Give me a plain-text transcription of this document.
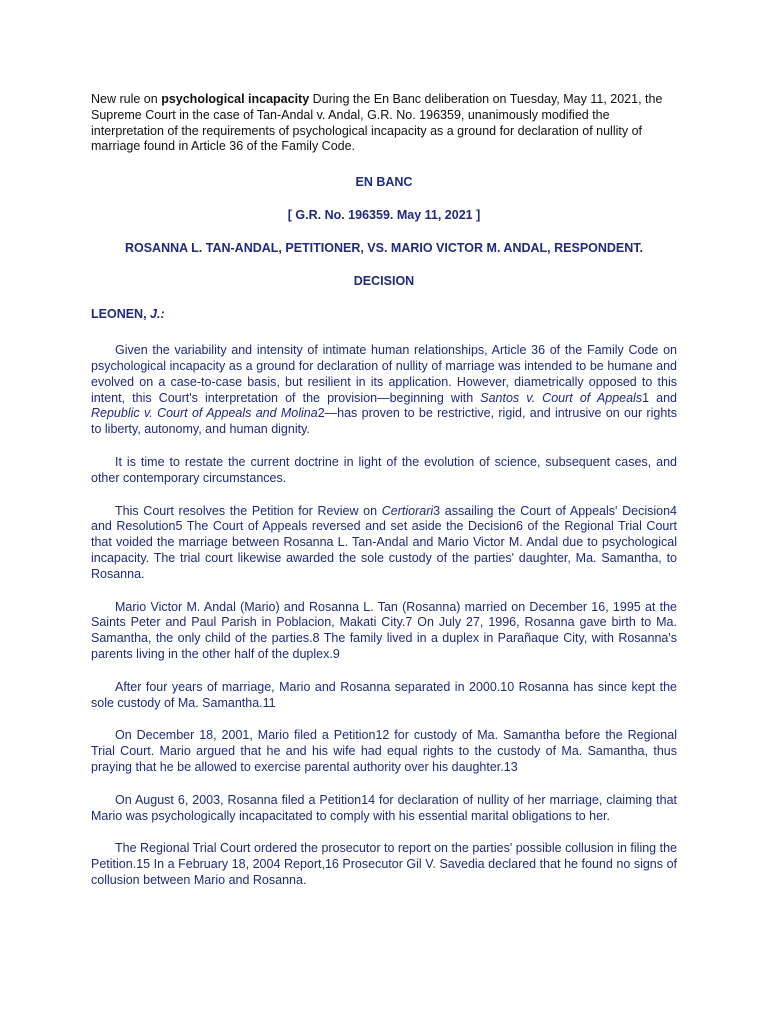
New rule on psychological incapacity During the En Banc deliberation on Tuesday, May 11, 2021, the Supreme Court in the case of Tan-Andal v. Andal, G.R. No. 196359, unanimously modified the interpretation of the requirements of psychological incapacity as a ground for declaration of nullity of marriage found in Article 36 of the Family Code.

EN BANC

[ G.R. No. 196359. May 11, 2021 ]

ROSANNA L. TAN-ANDAL, PETITIONER, VS. MARIO VICTOR M. ANDAL, RESPONDENT.

DECISION

LEONEN, J.:

Given the variability and intensity of intimate human relationships, Article 36 of the Family Code on psychological incapacity as a ground for declaration of nullity of marriage was intended to be humane and evolved on a case-to-case basis, but resilient in its application. However, diametrically opposed to this intent, this Court's interpretation of the provision—beginning with Santos v. Court of Appeals1 and Republic v. Court of Appeals and Molina2—has proven to be restrictive, rigid, and intrusive on our rights to liberty, autonomy, and human dignity.

It is time to restate the current doctrine in light of the evolution of science, subsequent cases, and other contemporary circumstances.

This Court resolves the Petition for Review on Certiorari3 assailing the Court of Appeals' Decision4 and Resolution5 The Court of Appeals reversed and set aside the Decision6 of the Regional Trial Court that voided the marriage between Rosanna L. Tan-Andal and Mario Victor M. Andal due to psychological incapacity. The trial court likewise awarded the sole custody of the parties' daughter, Ma. Samantha, to Rosanna.

Mario Victor M. Andal (Mario) and Rosanna L. Tan (Rosanna) married on December 16, 1995 at the Saints Peter and Paul Parish in Poblacion, Makati City.7 On July 27, 1996, Rosanna gave birth to Ma. Samantha, the only child of the parties.8 The family lived in a duplex in Parañaque City, with Rosanna's parents living in the other half of the duplex.9

After four years of marriage, Mario and Rosanna separated in 2000.10 Rosanna has since kept the sole custody of Ma. Samantha.11

On December 18, 2001, Mario filed a Petition12 for custody of Ma. Samantha before the Regional Trial Court. Mario argued that he and his wife had equal rights to the custody of Ma. Samantha, thus praying that he be allowed to exercise parental authority over his daughter.13

On August 6, 2003, Rosanna filed a Petition14 for declaration of nullity of her marriage, claiming that Mario was psychologically incapacitated to comply with his essential marital obligations to her.

The Regional Trial Court ordered the prosecutor to report on the parties' possible collusion in filing the Petition.15 In a February 18, 2004 Report,16 Prosecutor Gil V. Savedia declared that he found no signs of collusion between Mario and Rosanna.
